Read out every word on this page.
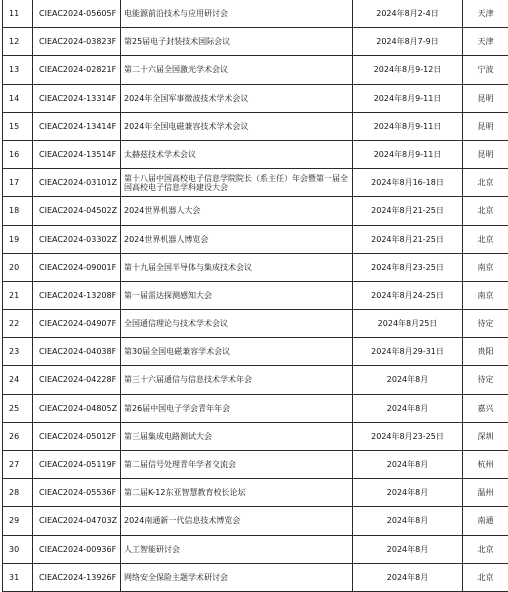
11	CIEAC2024-05605F	电能源前沿技术与应用研讨会	2024年8月2-4日	天津
12	CIEAC2024-03823F	第25届电子封装技术国际会议	2024年8月7-9日	天津
13	CIEAC2024-02821F	第二十六届全国激光学术会议	2024年8月9-12日	宁波
14	CIEAC2024-13314F	2024年全国军事微波技术学术会议	2024年8月9-11日	昆明
15	CIEAC2024-13414F	2024年全国电磁兼容技术学术会议	2024年8月9-11日	昆明
16	CIEAC2024-13514F	太赫兹技术学术会议	2024年8月9-11日	昆明
17	CIEAC2024-03101Z	第十八届中国高校电子信息学院院长（系主任）年会暨第一届全国高校电子信息学科建设大会	2024年8月16-18日	北京
18	CIEAC2024-04502Z	2024世界机器人大会	2024年8月21-25日	北京
19	CIEAC2024-03302Z	2024世界机器人博览会	2024年8月21-25日	北京
20	CIEAC2024-09001F	第十九届全国半导体与集成技术会议	2024年8月23-25日	南京
21	CIEAC2024-13208F	第一届雷达探测感知大会	2024年8月24-25日	南京
22	CIEAC2024-04907F	全国通信理论与技术学术会议	2024年8月25日	待定
23	CIEAC2024-04038F	第30届全国电磁兼容学术会议	2024年8月29-31日	贵阳
24	CIEAC2024-04228F	第三十六届通信与信息技术学术年会	2024年8月	待定
25	CIEAC2024-04805Z	第26届中国电子学会青年年会	2024年8月	嘉兴
26	CIEAC2024-05012F	第三届集成电路测试大会	2024年8月23-25日	深圳
27	CIEAC2024-05119F	第二届信号处理青年学者交流会	2024年8月	杭州
28	CIEAC2024-05536F	第二届K-12东亚智慧教育校长论坛	2024年8月	温州
29	CIEAC2024-04703Z	2024南通新一代信息技术博览会	2024年8月	南通
30	CIEAC2024-00936F	人工智能研讨会	2024年8月	北京
31	CIEAC2024-13926F	网络安全保险主题学术研讨会	2024年8月	北京
